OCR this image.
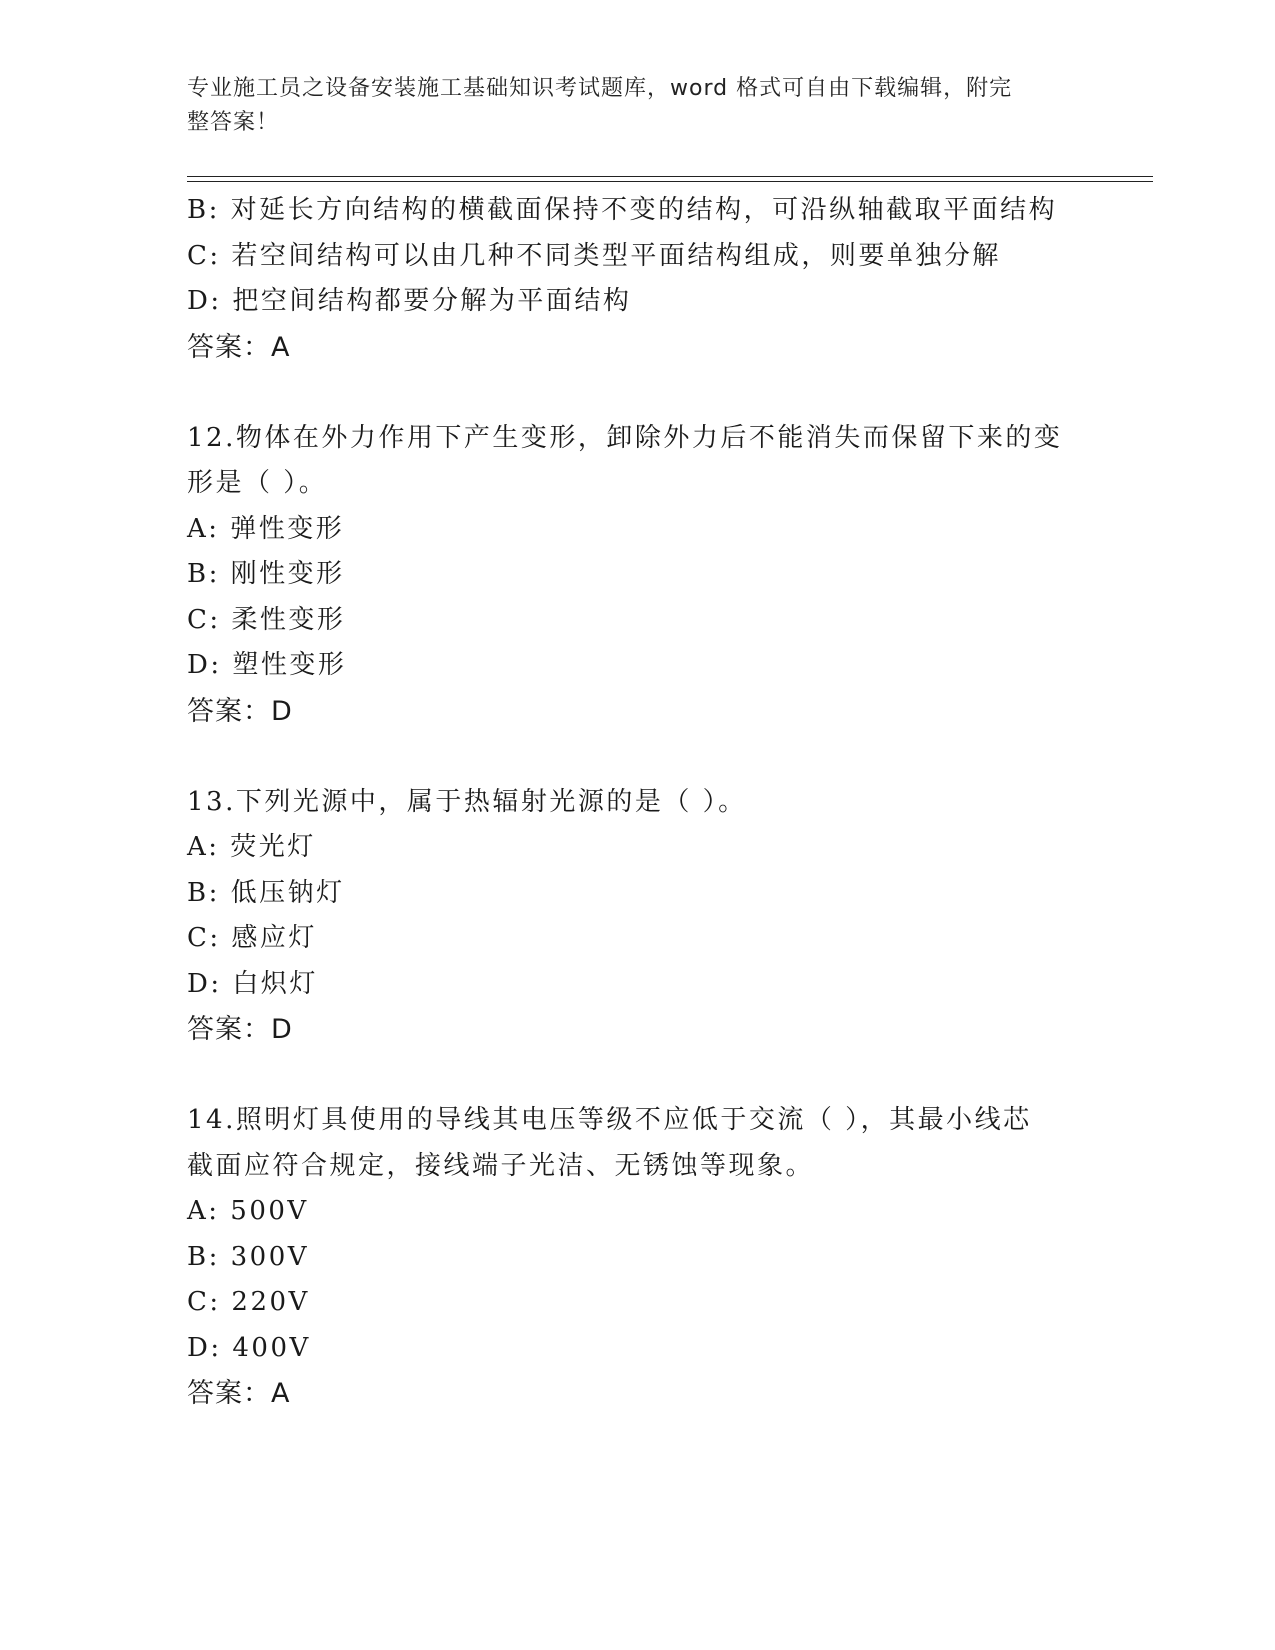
专业施工员之设备安装施工基础知识考试题库，word 格式可自由下载编辑，附完
整答案！
B: 对延长方向结构的横截面保持不变的结构，可沿纵轴截取平面结构
C: 若空间结构可以由几种不同类型平面结构组成，则要单独分解
D: 把空间结构都要分解为平面结构
答案：A
12.物体在外力作用下产生变形，卸除外力后不能消失而保留下来的变
形是（ ）。
A: 弹性变形
B: 刚性变形
C: 柔性变形
D: 塑性变形
答案：D
13.下列光源中，属于热辐射光源的是（ ）。
A: 荧光灯
B: 低压钠灯
C: 感应灯
D: 白炽灯
答案：D
14.照明灯具使用的导线其电压等级不应低于交流（ ），其最小线芯
截面应符合规定，接线端子光洁、无锈蚀等现象。
A: 500V
B: 300V
C: 220V
D: 400V
答案：A
